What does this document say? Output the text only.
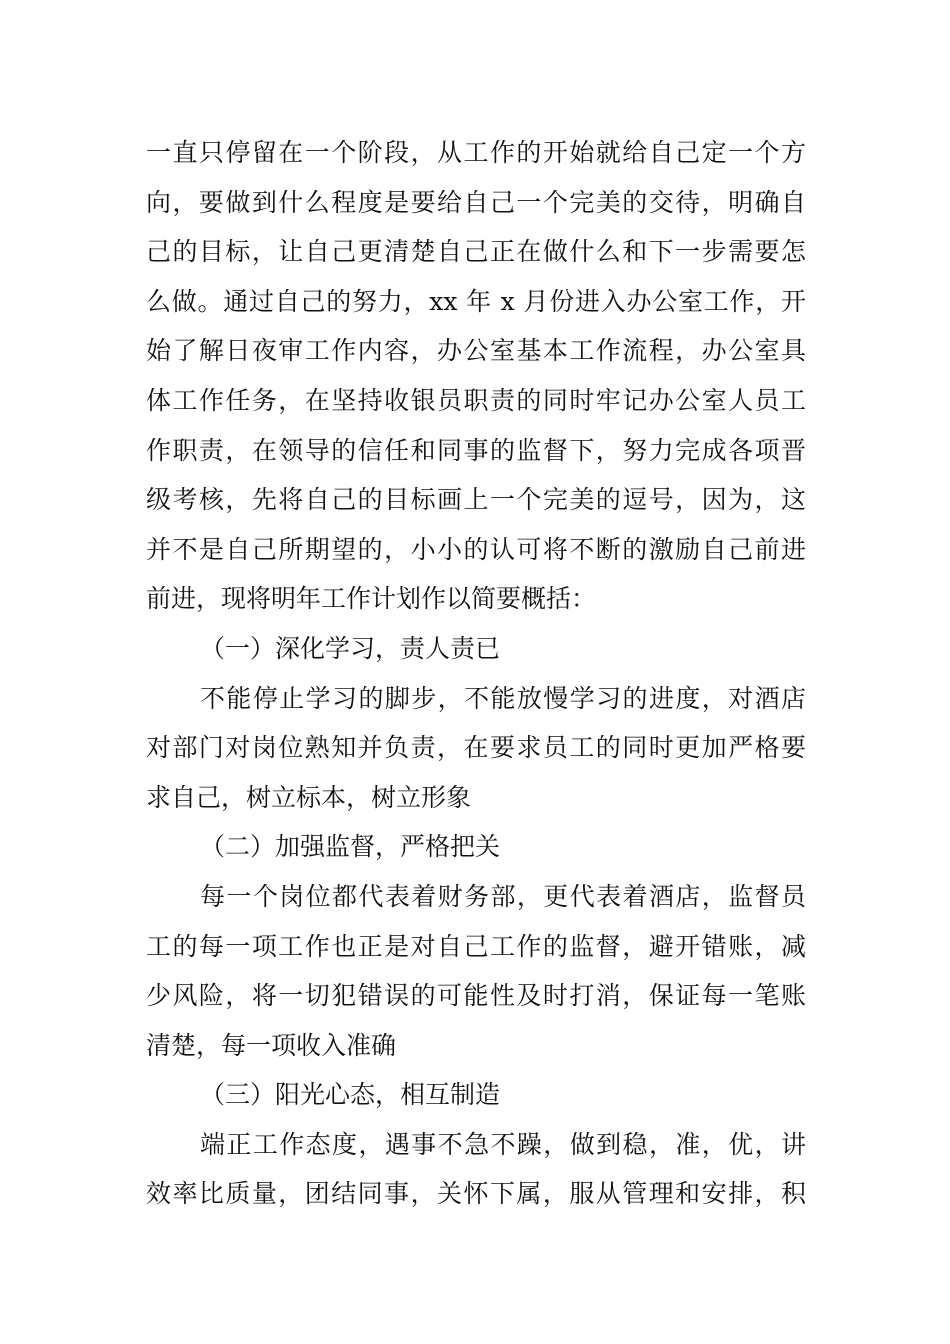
一直只停留在一个阶段，从工作的开始就给自己定一个方
向，要做到什么程度是要给自己一个完美的交待，明确自
己的目标，让自己更清楚自己正在做什么和下一步需要怎
么做。通过自己的努力，xx 年 x 月份进入办公室工作，开
始了解日夜审工作内容，办公室基本工作流程，办公室具
体工作任务，在坚持收银员职责的同时牢记办公室人员工
作职责，在领导的信任和同事的监督下，努力完成各项晋
级考核，先将自己的目标画上一个完美的逗号，因为，这
并不是自己所期望的，小小的认可将不断的激励自己前进
前进，现将明年工作计划作以简要概括：
（一）深化学习，责人责已
不能停止学习的脚步，不能放慢学习的进度，对酒店
对部门对岗位熟知并负责，在要求员工的同时更加严格要
求自己，树立标本，树立形象
（二）加强监督，严格把关
每一个岗位都代表着财务部，更代表着酒店，监督员
工的每一项工作也正是对自己工作的监督，避开错账，减
少风险，将一切犯错误的可能性及时打消，保证每一笔账
清楚，每一项收入准确
（三）阳光心态，相互制造
端正工作态度，遇事不急不躁，做到稳，准，优，讲
效率比质量，团结同事，关怀下属，服从管理和安排，积
